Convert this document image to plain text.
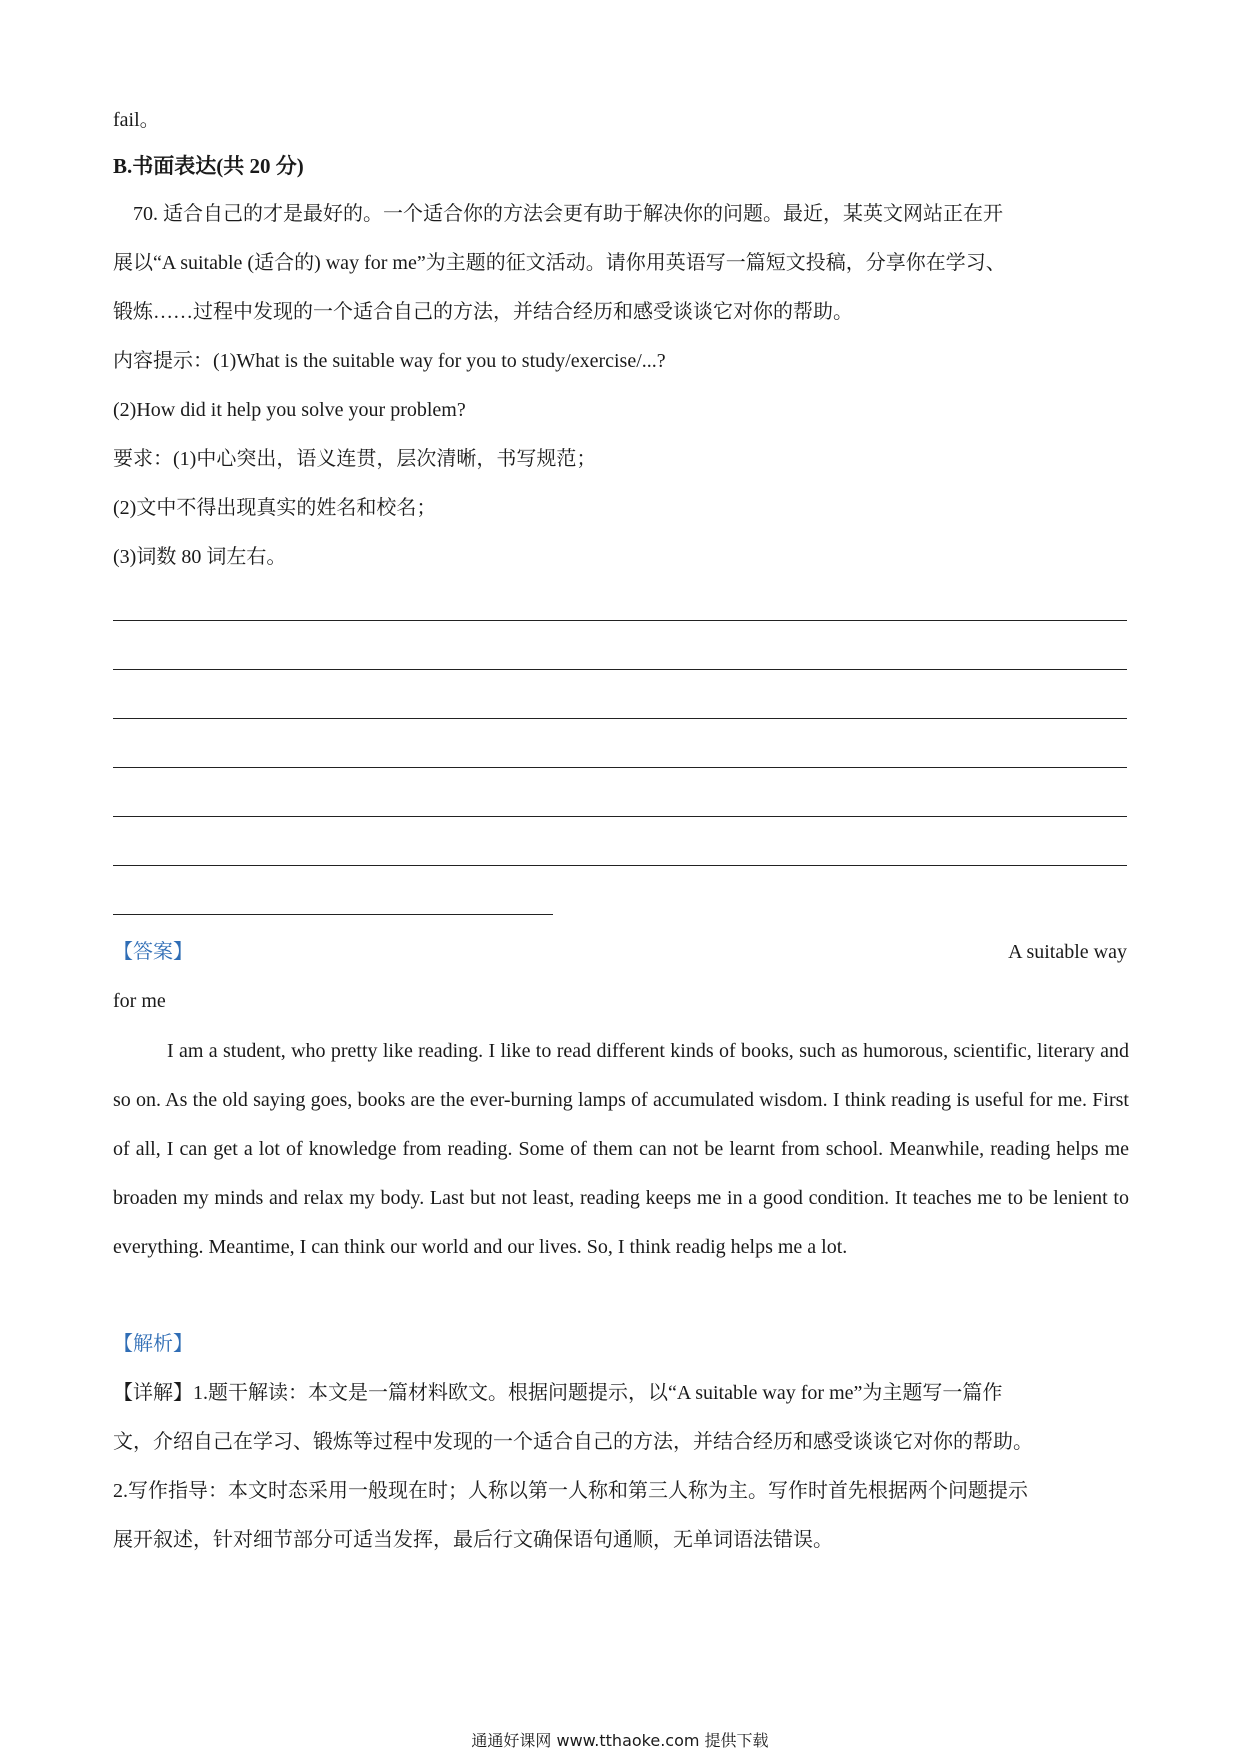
fail。
B.书面表达(共 20 分)
70. 适合自己的才是最好的。一个适合你的方法会更有助于解决你的问题。最近，某英文网站正在开
展以“A suitable (适合的) way for me”为主题的征文活动。请你用英语写一篇短文投稿，分享你在学习、
锻炼……过程中发现的一个适合自己的方法，并结合经历和感受谈谈它对你的帮助。
内容提示：(1)What is the suitable way for you to study/exercise/...?
(2)How did it help you solve your problem?
要求：(1)中心突出，语义连贯，层次清晰，书写规范；
(2)文中不得出现真实的姓名和校名；
(3)词数 80 词左右。
【答案】	A suitable way
for me
I am a student, who pretty like reading. I like to read different kinds of books, such as humorous, scientific, literary and so on. As the old saying goes, books are the ever-burning lamps of accumulated wisdom. I think reading is useful for me. First of all, I can get a lot of knowledge from reading. Some of them can not be learnt from school. Meanwhile, reading helps me broaden my minds and relax my body. Last but not least, reading keeps me in a good condition. It teaches me to be lenient to everything. Meantime, I can think our world and our lives. So, I think readig helps me a lot.
【解析】
【详解】1.题干解读：本文是一篇材料欧文。根据问题提示，以“A suitable way for me”为主题写一篇作
文，介绍自己在学习、锻炼等过程中发现的一个适合自己的方法，并结合经历和感受谈谈它对你的帮助。
2.写作指导：本文时态采用一般现在时；人称以第一人称和第三人称为主。写作时首先根据两个问题提示
展开叙述，针对细节部分可适当发挥，最后行文确保语句通顺，无单词语法错误。
通通好课网 www.tthaoke.com 提供下载
